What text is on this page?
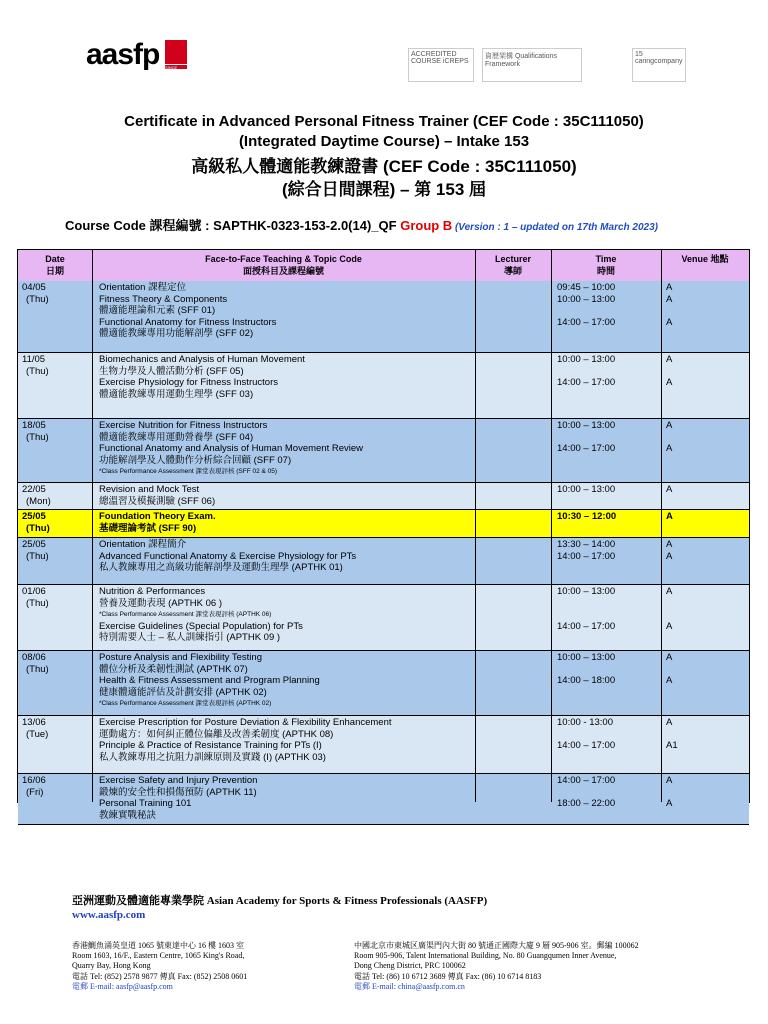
aasfp SINCE 1995
ACCREDITED COURSE iCREPS
資歷架構 Qualifications Framework
15 caringcompany
Certificate in Advanced Personal Fitness Trainer (CEF Code : 35C111050)
(Integrated Daytime Course) – Intake 153
高級私人體適能教練證書 (CEF Code : 35C111050)
(綜合日間課程) – 第 153 屆
Course Code 課程編號 : SAPTHK-0323-153-2.0(14)_QF Group B (Version : 1 – updated on 17th March 2023)
Date
日期
Face-to-Face Teaching & Topic Code
面授科目及課程編號
Lecturer
導師
Time
時間
Venue 地點
04/05
(Thu)
Orientation 課程定位
Fitness Theory & Components
體適能理論和元素 (SFF 01)
Functional Anatomy for Fitness Instructors
體適能教練專用功能解剖學 (SFF 02)
09:45 – 10:00
10:00 – 13:00
14:00 – 17:00
A
A
A
11/05
(Thu)
Biomechanics and Analysis of Human Movement
生物力學及人體活動分析 (SFF 05)
Exercise Physiology for Fitness Instructors
體適能教練專用運動生理學 (SFF 03)
10:00 – 13:00
14:00 – 17:00
A
A
18/05
(Thu)
Exercise Nutrition for Fitness Instructors
體適能教練專用運動營養學 (SFF 04)
Functional Anatomy and Analysis of Human Movement Review
功能解剖學及人體動作分析綜合回顧 (SFF 07)
*Class Performance Assessment 課堂表現評核 (SFF 02 & 05)
10:00 – 13:00
14:00 – 17:00
A
A
22/05
(Mon)
Revision and Mock Test
總溫習及模擬測驗 (SFF 06)
10:00 – 13:00	A
25/05
(Thu)
Foundation Theory Exam.
基礎理論考試 (SFF 90)
10:30 – 12:00	A
25/05
(Thu)
Orientation 課程簡介
Advanced Functional Anatomy & Exercise Physiology for PTs
私人教練專用之高級功能解剖學及運動生理學 (APTHK 01)
13:30 – 14:00
14:00 – 17:00
A
A
01/06
(Thu)
Nutrition & Performances
營養及運動表現 (APTHK 06 )
*Class Performance Assessment 課堂表現評核 (APTHK 06)
Exercise Guidelines (Special Population) for PTs
特別需要人士 – 私人訓練指引 (APTHK 09 )
10:00 – 13:00
14:00 – 17:00
A
A
08/06
(Thu)
Posture Analysis and Flexibility Testing
體位分析及柔韌性測試 (APTHK 07)
Health & Fitness Assessment and Program Planning
健康體適能評估及計劃安排 (APTHK 02)
*Class Performance Assessment 課堂表現評核 (APTHK 02)
10:00 – 13:00
14:00 – 18:00
A
A
13/06
(Tue)
Exercise Prescription for Posture Deviation & Flexibility Enhancement
運動處方：如何糾正體位偏離及改善柔韌度 (APTHK 08)
Principle & Practice of Resistance Training for PTs (I)
私人教練專用之抗阻力訓練原則及實踐 (I) (APTHK 03)
10:00 - 13:00
14:00 – 17:00
A
A1
16/06
(Fri)
Exercise Safety and Injury Prevention
鍛煉的安全性和損傷預防 (APTHK 11)
Personal Training 101
教練實戰秘訣
14:00 – 17:00
18:00 – 22:00
A
A
亞洲運動及體適能專業學院 Asian Academy for Sports & Fitness Professionals (AASFP)
www.aasfp.com
香港鰂魚涌英皇道 1065 號東達中心 16 樓 1603 室
Room 1603, 16/F., Eastern Centre, 1065 King's Road,
Quarry Bay, Hong Kong
電話 Tel: (852) 2578 9877 傳真 Fax: (852) 2508 0601
電郵 E-mail: aasfp@aasfp.com
中國北京市東城区廣渠門內大街 80 號通正國際大廈 9 層 905-906 室。郵編 100062
Room 905-906, Talent International Building, No. 80 Guangqumen Inner Avenue,
Dong Cheng District, PRC 100062
電話 Tel: (86) 10 6712 3689 傳真 Fax: (86) 10 6714 8183
電郵 E-mail: china@aasfp.com.cn
